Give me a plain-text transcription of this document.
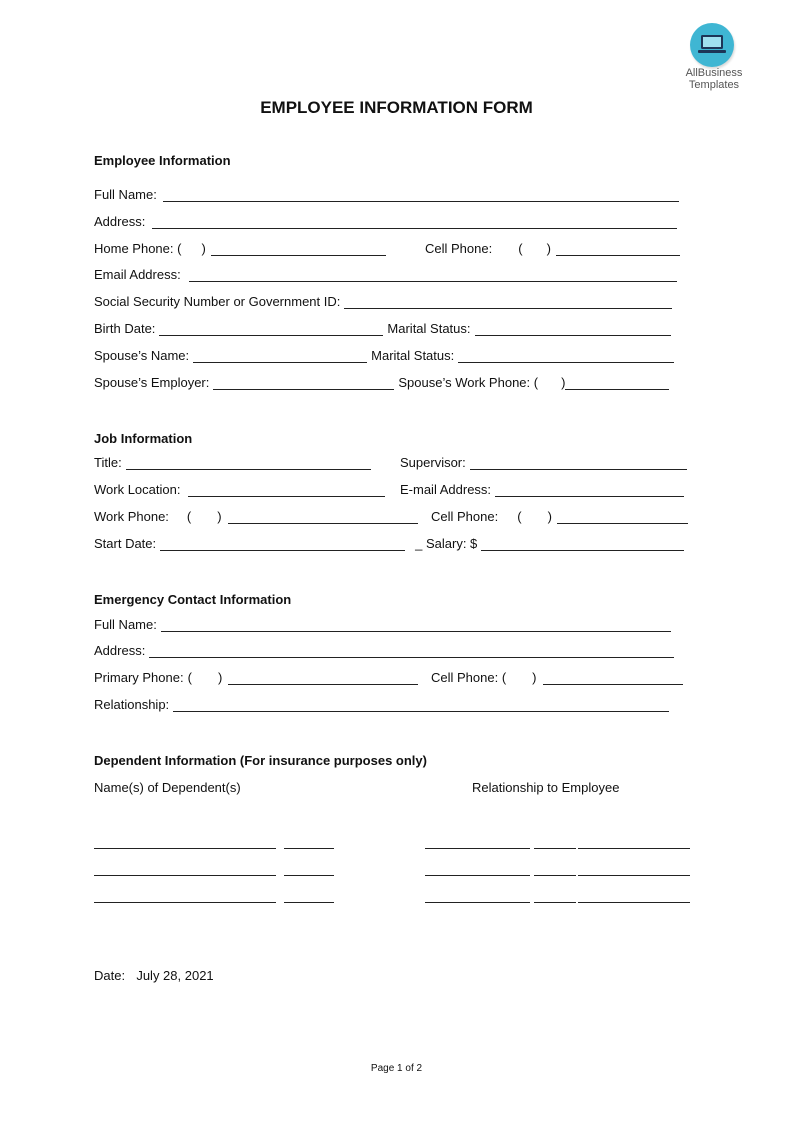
AllBusiness
Templates
EMPLOYEE INFORMATION FORM
Employee Information
Full Name:
Address:
Home Phone: ( )	Cell Phone: ( )
Email Address:
Social Security Number or Government ID:
Birth Date:	Marital Status:
Spouse’s Name:	Marital Status:
Spouse’s Employer:	Spouse’s Work Phone: ( )
Job Information
Title:	Supervisor:
Work Location:	E-mail Address:
Work Phone: ( )	Cell Phone: ( )
Start Date:	_ Salary: $
Emergency Contact Information
Full Name:
Address:
Primary Phone: ( )	Cell Phone: ( )
Relationship:
Dependent Information (For insurance purposes only)
Name(s) of Dependent(s)	Relationship to Employee
Date: July 28, 2021
Page 1 of 2
